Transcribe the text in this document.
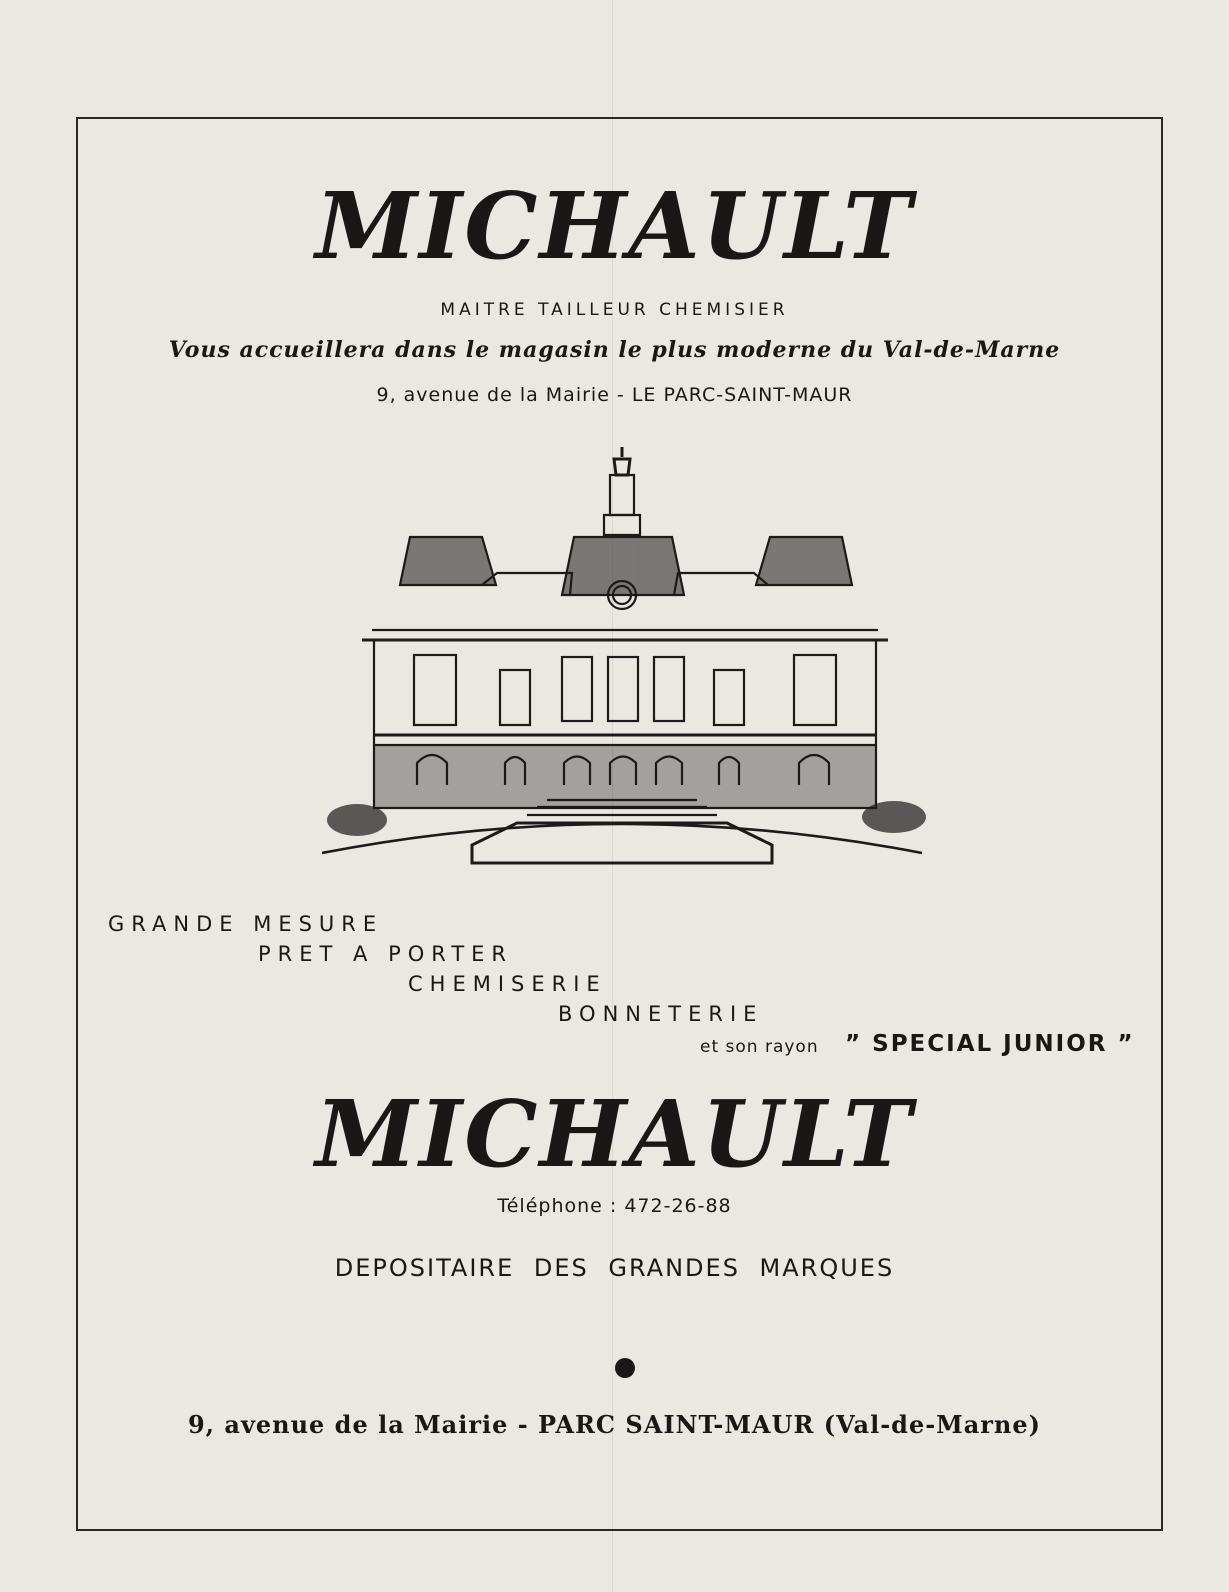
MICHAULT

MAITRE TAILLEUR CHEMISIER

Vous accueillera dans le magasin le plus moderne du Val-de-Marne

9, avenue de la Mairie - LE PARC-SAINT-MAUR

GRANDE MESURE

PRET A PORTER

CHEMISERIE

BONNETERIE

et son rayon ” SPECIAL JUNIOR ”

MICHAULT

Téléphone : 472-26-88

DEPOSITAIRE DES GRANDES MARQUES

9, avenue de la Mairie - PARC SAINT-MAUR (Val-de-Marne)
